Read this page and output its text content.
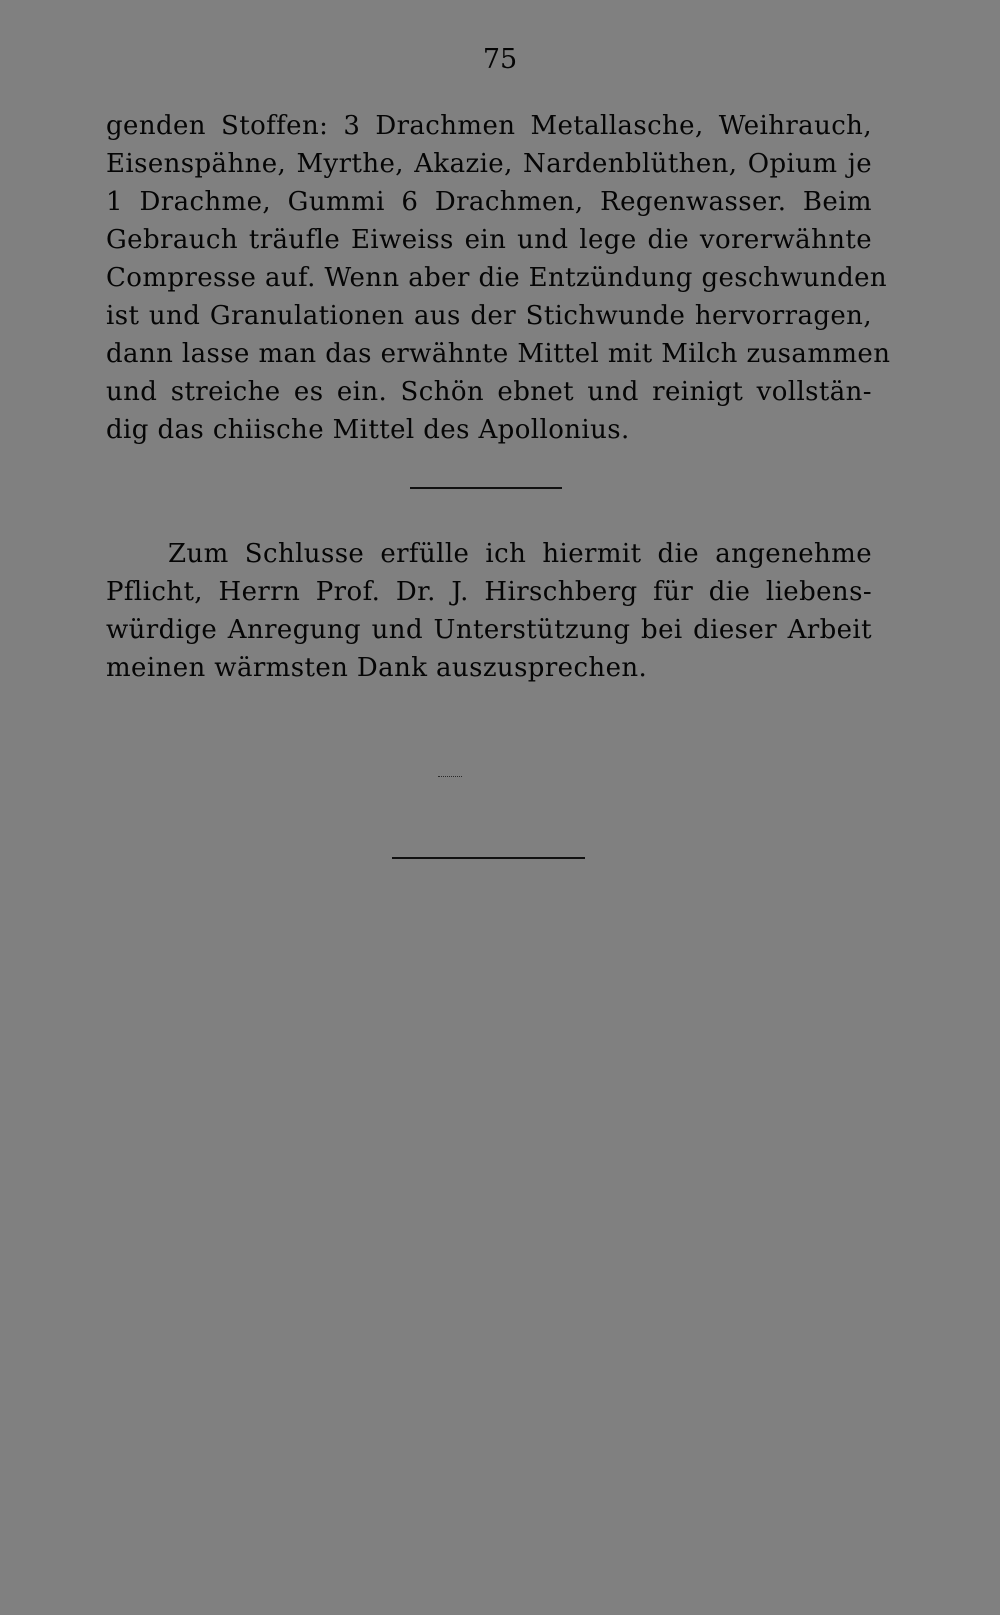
75
genden Stoffen: 3 Drachmen Metallasche, Weihrauch,
Eisenspähne, Myrthe, Akazie, Nardenblüthen, Opium je
1 Drachme, Gummi 6 Drachmen, Regenwasser. Beim
Gebrauch träufle Eiweiss ein und lege die vorerwähnte
Compresse auf. Wenn aber die Entzündung geschwunden
ist und Granulationen aus der Stichwunde hervorragen,
dann lasse man das erwähnte Mittel mit Milch zusammen
und streiche es ein. Schön ebnet und reinigt vollstän-
dig das chiische Mittel des Apollonius.
Zum Schlusse erfülle ich hiermit die angenehme
Pflicht, Herrn Prof. Dr. J. Hirschberg für die liebens-
würdige Anregung und Unterstützung bei dieser Arbeit
meinen wärmsten Dank auszusprechen.
